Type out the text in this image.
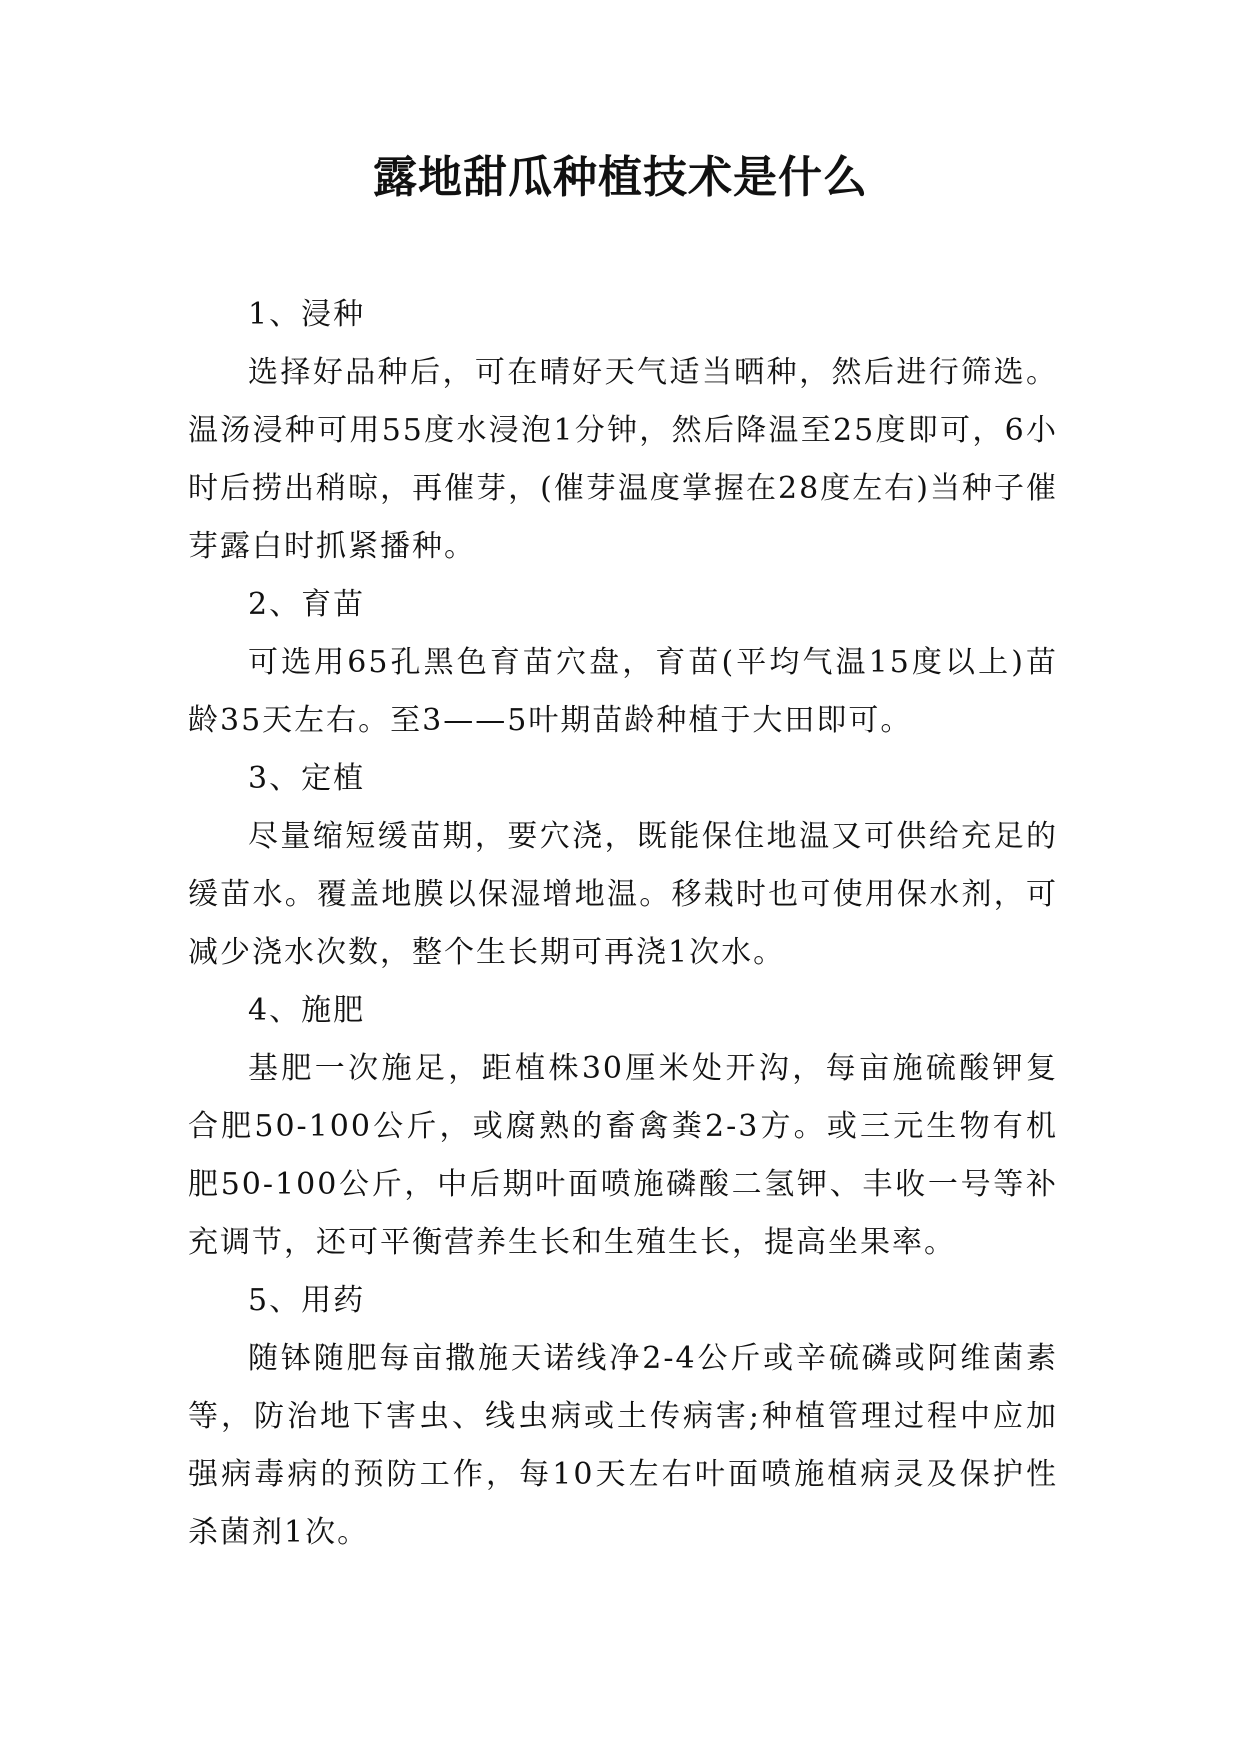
露地甜瓜种植技术是什么

1、浸种

选择好品种后，可在晴好天气适当晒种，然后进行筛选。温汤浸种可用55度水浸泡1分钟，然后降温至25度即可，6小时后捞出稍晾，再催芽，(催芽温度掌握在28度左右)当种子催芽露白时抓紧播种。

2、育苗

可选用65孔黑色育苗穴盘，育苗(平均气温15度以上)苗龄35天左右。至3——5叶期苗龄种植于大田即可。

3、定植

尽量缩短缓苗期，要穴浇，既能保住地温又可供给充足的缓苗水。覆盖地膜以保湿增地温。移栽时也可使用保水剂，可减少浇水次数，整个生长期可再浇1次水。

4、施肥

基肥一次施足，距植株30厘米处开沟，每亩施硫酸钾复合肥50-100公斤，或腐熟的畜禽粪2-3方。或三元生物有机肥50-100公斤，中后期叶面喷施磷酸二氢钾、丰收一号等补充调节，还可平衡营养生长和生殖生长，提高坐果率。

5、用药

随钵随肥每亩撒施天诺线净2-4公斤或辛硫磷或阿维菌素等，防治地下害虫、线虫病或土传病害;种植管理过程中应加强病毒病的预防工作，每10天左右叶面喷施植病灵及保护性杀菌剂1次。
